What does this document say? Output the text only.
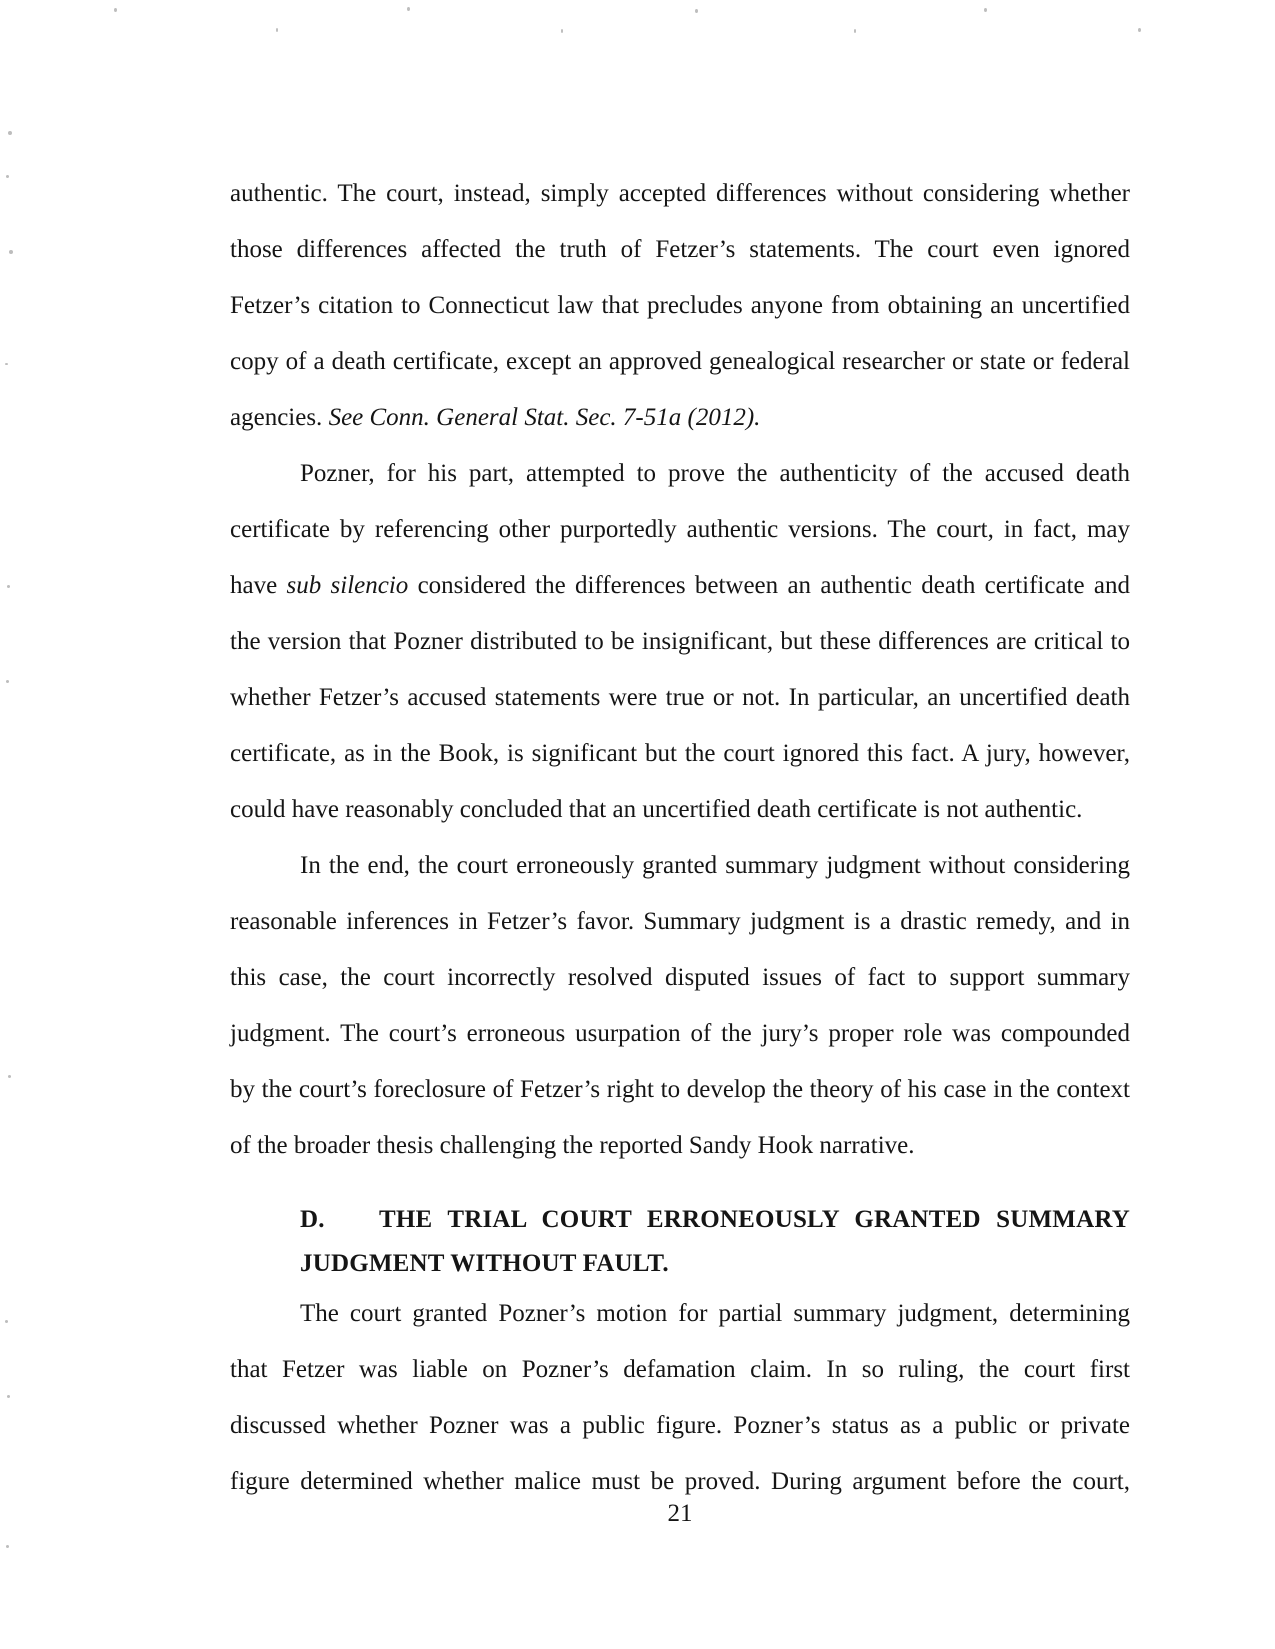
authentic. The court, instead, simply accepted differences without considering whether
those differences affected the truth of Fetzer’s statements. The court even ignored
Fetzer’s citation to Connecticut law that precludes anyone from obtaining an uncertified
copy of a death certificate, except an approved genealogical researcher or state or federal
agencies. See Conn. General Stat. Sec. 7-51a (2012).
Pozner, for his part, attempted to prove the authenticity of the accused death
certificate by referencing other purportedly authentic versions. The court, in fact, may
have sub silencio considered the differences between an authentic death certificate and
the version that Pozner distributed to be insignificant, but these differences are critical to
whether Fetzer’s accused statements were true or not. In particular, an uncertified death
certificate, as in the Book, is significant but the court ignored this fact. A jury, however,
could have reasonably concluded that an uncertified death certificate is not authentic.
In the end, the court erroneously granted summary judgment without considering
reasonable inferences in Fetzer’s favor. Summary judgment is a drastic remedy, and in
this case, the court incorrectly resolved disputed issues of fact to support summary
judgment. The court’s erroneous usurpation of the jury’s proper role was compounded
by the court’s foreclosure of Fetzer’s right to develop the theory of his case in the context
of the broader thesis challenging the reported Sandy Hook narrative.
D.	THE TRIAL COURT ERRONEOUSLY GRANTED SUMMARY
JUDGMENT WITHOUT FAULT.
The court granted Pozner’s motion for partial summary judgment, determining
that Fetzer was liable on Pozner’s defamation claim. In so ruling, the court first
discussed whether Pozner was a public figure. Pozner’s status as a public or private
figure determined whether malice must be proved. During argument before the court,
21
